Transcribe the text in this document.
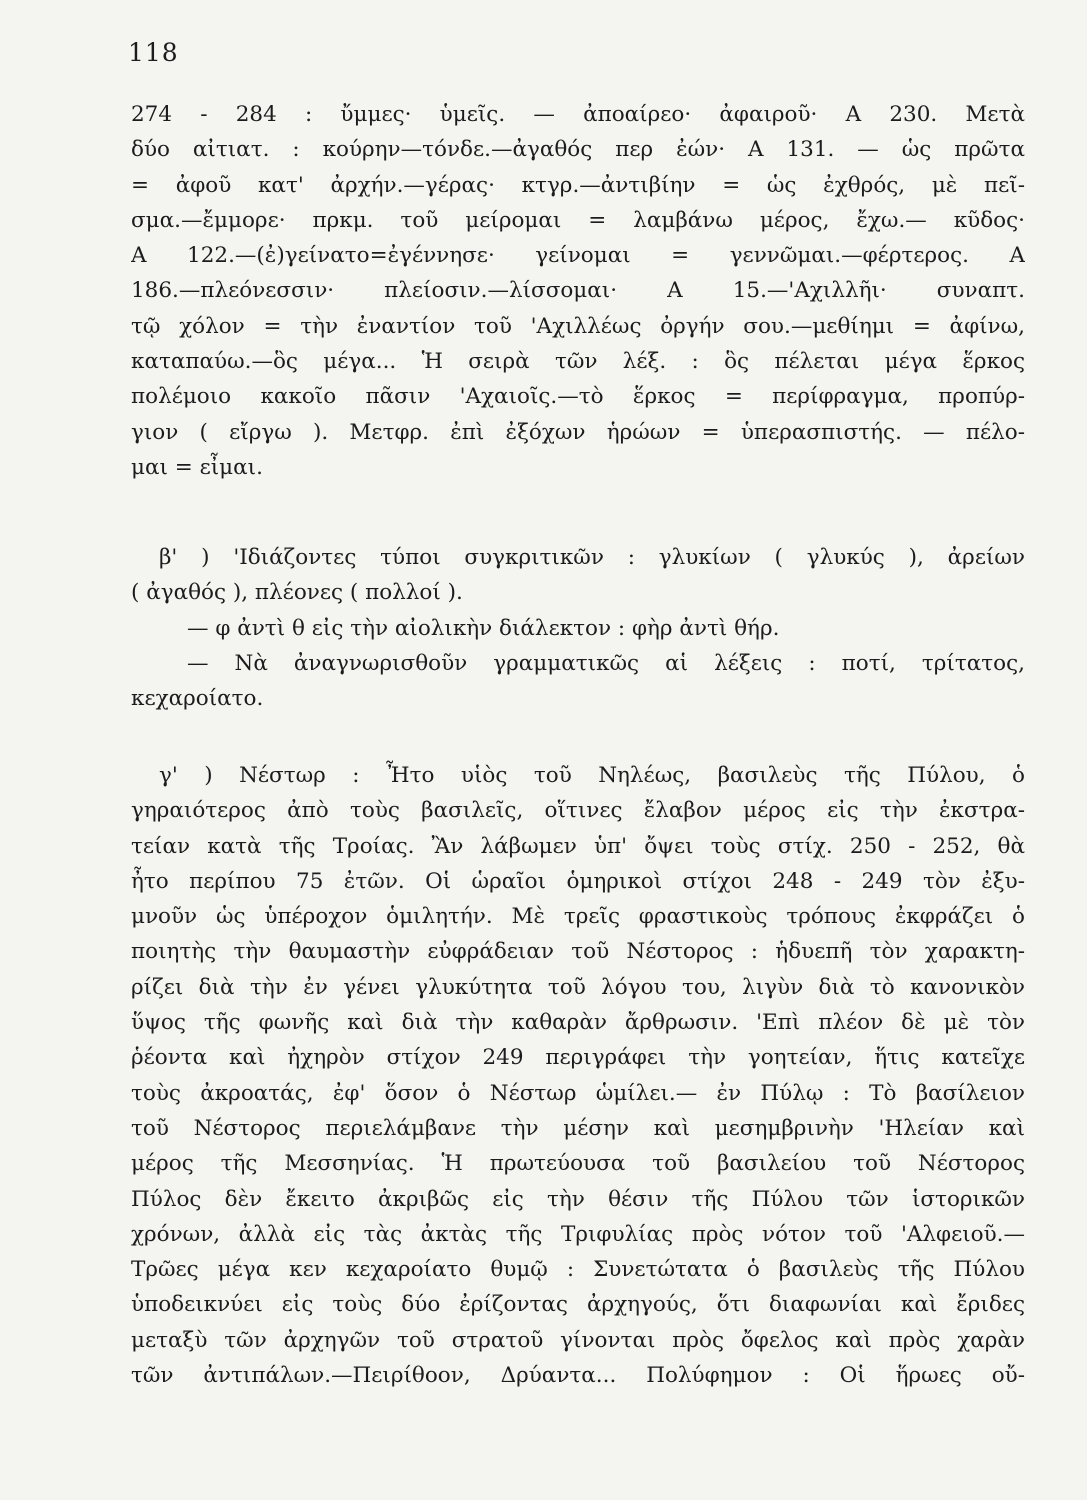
118
274 - 284 : ὔμμες· ὑμεῖς. — ἀποαίρεο· ἀφαιροῦ· Α 230. Μετὰ
δύο αἰτιατ. : κούρην—τόνδε.—ἀγαθός περ ἐών· Α 131. — ὡς πρῶτα
= ἀφοῦ κατ' ἀρχήν.—γέρας· κτγρ.—ἀντιβίην = ὡς ἐχθρός, μὲ πεῖ-
σμα.—ἔμμορε· πρκμ. τοῦ μείρομαι = λαμβάνω μέρος, ἔχω.— κῦδος·
Α 122.—(ἐ)γείνατο=ἐγέννησε· γείνομαι = γεννῶμαι.—φέρτερος. Α
186.—πλεόνεσσιν· πλείοσιν.—λίσσομαι· Α 15.—'Αχιλλῆι· συναπτ.
τῷ χόλον = τὴν ἐναντίον τοῦ 'Αχιλλέως ὀργήν σου.—μεθίημι = ἀφίνω,
καταπαύω.—ὃς μέγα... Ἡ σειρὰ τῶν λέξ. : ὃς πέλεται μέγα ἕρκος
πολέμοιο κακοῖο πᾶσιν 'Αχαιοῖς.—τὸ ἕρκος = περίφραγμα, προπύρ-
γιον ( εἴργω ). Μετφρ. ἐπὶ ἐξόχων ἡρώων = ὑπερασπιστής. — πέλο-
μαι = εἶμαι.
β' ) 'Ιδιάζοντες τύποι συγκριτικῶν : γλυκίων ( γλυκύς ), ἀρείων
( ἀγαθός ), πλέονες ( πολλοί ).
— φ ἀντὶ θ εἰς τὴν αἰολικὴν διάλεκτον : φὴρ ἀντὶ θήρ.
— Νὰ ἀναγνωρισθοῦν γραμματικῶς αἱ λέξεις : ποτί, τρίτατος,
κεχαροίατο.
γ' ) Νέστωρ : Ἦτο υἱὸς τοῦ Νηλέως, βασιλεὺς τῆς Πύλου, ὁ
γηραιότερος ἀπὸ τοὺς βασιλεῖς, οἵτινες ἔλαβον μέρος εἰς τὴν ἐκστρα-
τείαν κατὰ τῆς Τροίας. Ἂν λάβωμεν ὑπ' ὄψει τοὺς στίχ. 250 - 252, θὰ
ἦτο περίπου 75 ἐτῶν. Οἱ ὡραῖοι ὁμηρικοὶ στίχοι 248 - 249 τὸν ἐξυ-
μνοῦν ὡς ὑπέροχον ὁμιλητήν. Μὲ τρεῖς φραστικοὺς τρόπους ἐκφράζει ὁ
ποιητὴς τὴν θαυμαστὴν εὐφράδειαν τοῦ Νέστορος : ἡδυεπῆ τὸν χαρακτη-
ρίζει διὰ τὴν ἐν γένει γλυκύτητα τοῦ λόγου του, λιγὺν διὰ τὸ κανονικὸν
ὕψος τῆς φωνῆς καὶ διὰ τὴν καθαρὰν ἄρθρωσιν. 'Επὶ πλέον δὲ μὲ τὸν
ῥέοντα καὶ ἠχηρὸν στίχον 249 περιγράφει τὴν γοητείαν, ἥτις κατεῖχε
τοὺς ἀκροατάς, ἐφ' ὅσον ὁ Νέστωρ ὡμίλει.— ἐν Πύλῳ : Τὸ βασίλειον
τοῦ Νέστορος περιελάμβανε τὴν μέσην καὶ μεσημβρινὴν 'Ηλείαν καὶ
μέρος τῆς Μεσσηνίας. Ἡ πρωτεύουσα τοῦ βασιλείου τοῦ Νέστορος
Πύλος δὲν ἔκειτο ἀκριβῶς εἰς τὴν θέσιν τῆς Πύλου τῶν ἱστορικῶν
χρόνων, ἀλλὰ εἰς τὰς ἀκτὰς τῆς Τριφυλίας πρὸς νότον τοῦ 'Αλφειοῦ.—
Τρῶες μέγα κεν κεχαροίατο θυμῷ : Συνετώτατα ὁ βασιλεὺς τῆς Πύλου
ὑποδεικνύει εἰς τοὺς δύο ἐρίζοντας ἀρχηγούς, ὅτι διαφωνίαι καὶ ἔριδες
μεταξὺ τῶν ἀρχηγῶν τοῦ στρατοῦ γίνονται πρὸς ὄφελος καὶ πρὸς χαρὰν
τῶν ἀντιπάλων.—Πειρίθοον, Δρύαντα... Πολύφημον : Οἱ ἥρωες οὔ-
